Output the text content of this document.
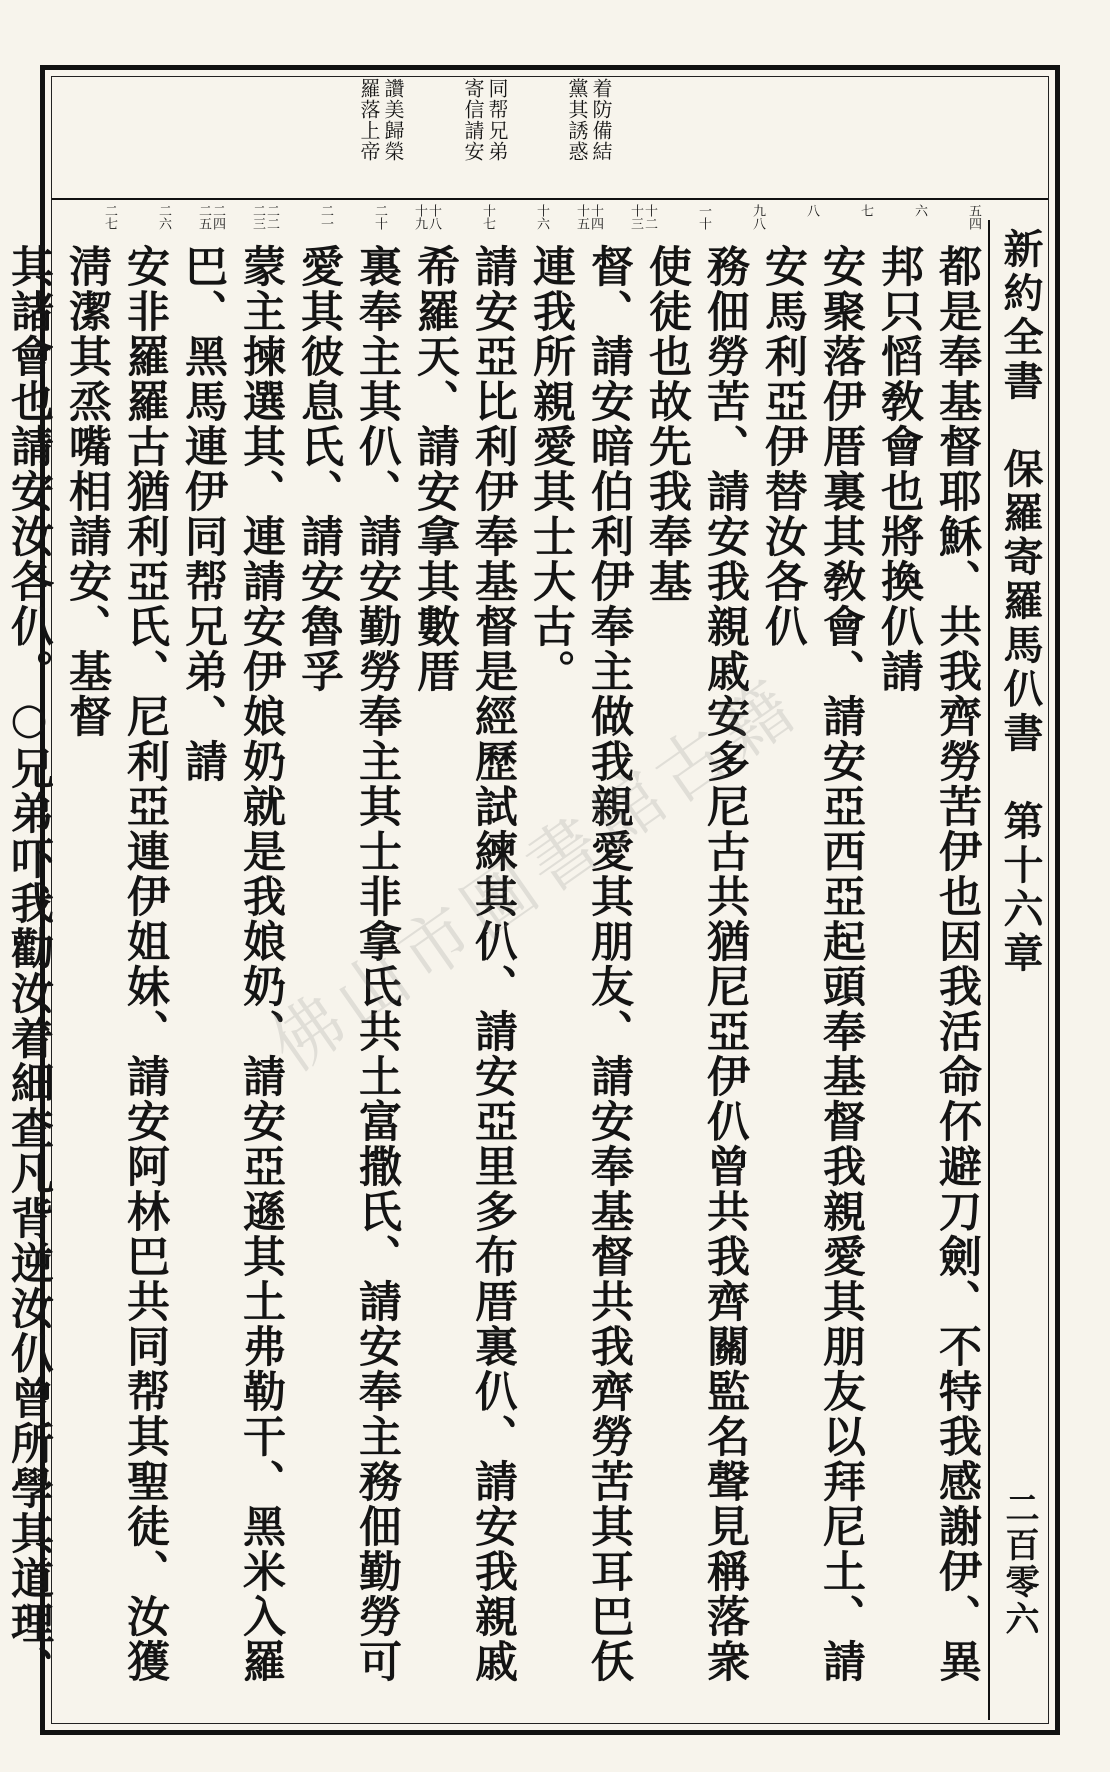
着防備結
黨其誘惑
同帮兄弟
寄信請安
讚美歸榮
羅落上帝
五四
六
七
八
九八
一十
十二十三
十四十五
十六
十七
十八十九
二十
二一
二二二三
二四二五
二六
二七
新約全書　保羅寄羅馬仈書　第十六章
二百零六
都是奉基督耶穌、共我齊勞苦伊也因我活命伓避刀劍、不特我感謝伊、異邦只慆敎會也將換仈請
安聚落伊厝裏其敎會、請安亞西亞起頭奉基督我親愛其朋友以拜尼土、請安馬利亞伊替汝各仈
務佃勞苦、請安我親戚安多尼古共猶尼亞伊仈曾共我齊關監名聲見稱落衆使徒也故先我奉基
督、請安暗伯利伊奉主做我親愛其朋友、請安奉基督共我齊勞苦其耳巴仸連我所親愛其士大古。
請安亞比利伊奉基督是經歷試練其仈、請安亞里多布厝裏仈、請安我親戚希羅天、請安拿其數厝
裏奉主其仈、請安勤勞奉主其士非拿氏共土富撒氏、請安奉主務佃勤勞可愛其彼息氏、請安魯孚
蒙主揀選其、連請安伊娘奶就是我娘奶、請安亞遜其土弗勒干、黑米入羅巴、黑馬連伊同帮兄弟、請
安非羅羅古猶利亞氏、尼利亞連伊姐妹、請安阿林巴共同帮其聖徒、汝獲淸潔其烝嘴相請安、基督
其諸會也請安汝各仈。○兄弟吓我勸汝着細查凡背逆汝仈曾所學其道理、
佛山市圖書館古籍
